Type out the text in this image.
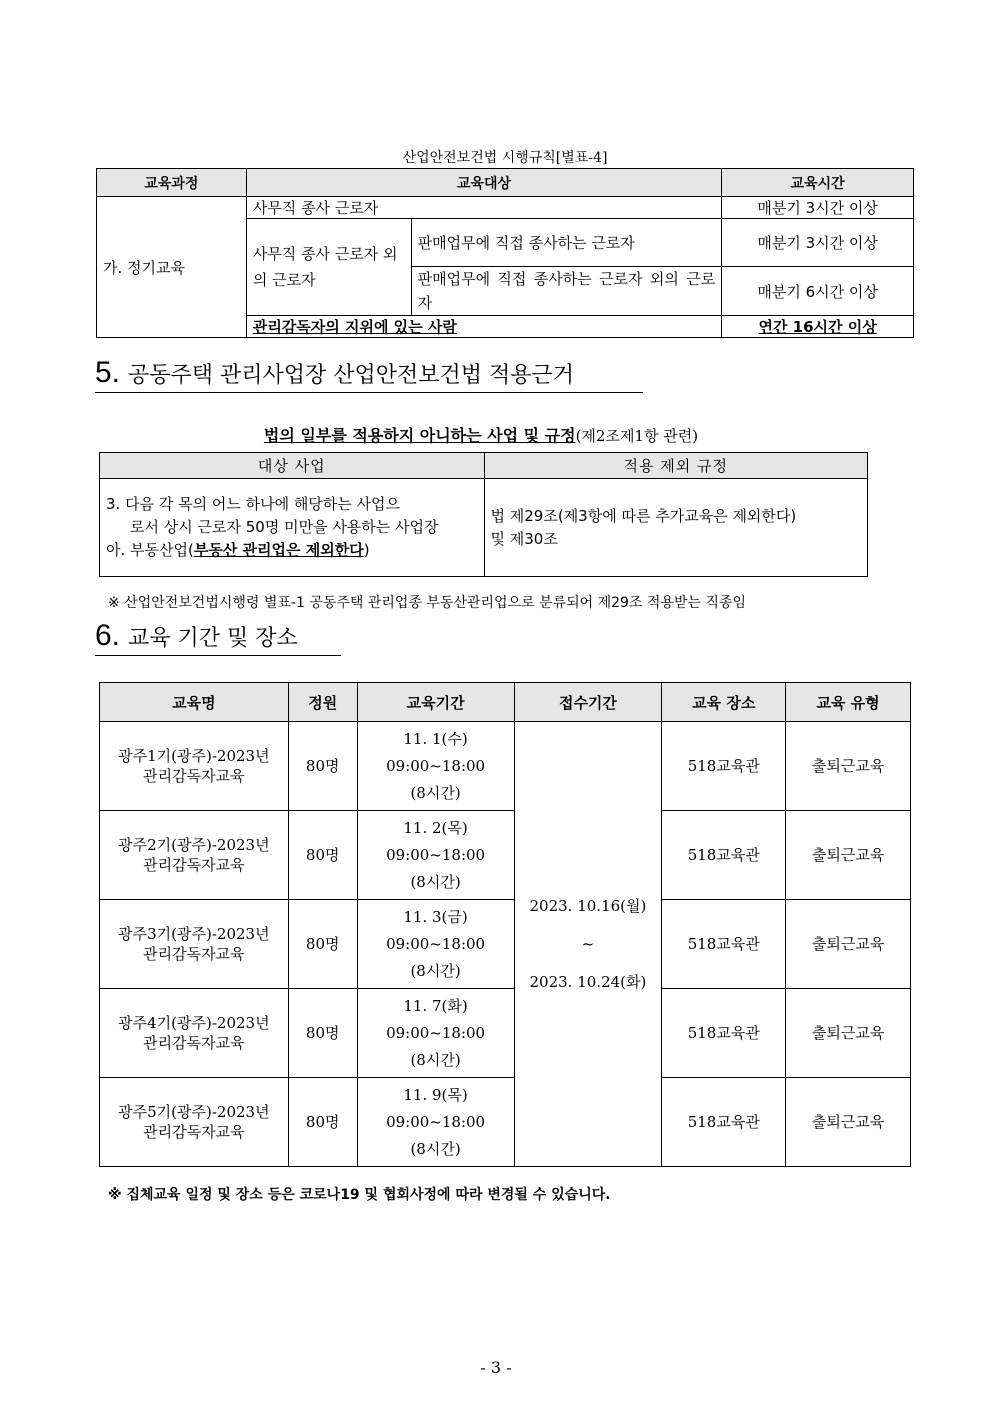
산업안전보건법 시행규칙[별표-4]
교육과정	교육대상		교육시간
가. 정기교육	사무직 종사 근로자		매분기 3시간 이상
	사무직 종사 근로자 외의 근로자	판매업무에 직접 종사하는 근로자	매분기 3시간 이상
		판매업무에 직접 종사하는 근로자 외의 근로자	매분기 6시간 이상
	관리감독자의 지위에 있는 사람		연간 16시간 이상
5. 공동주택 관리사업장 산업안전보건법 적용근거
법의 일부를 적용하지 아니하는 사업 및 규정(제2조제1항 관련)
대상 사업	적용 제외 규정
3. 다음 각 목의 어느 하나에 해당하는 사업으
로서 상시 근로자 50명 미만을 사용하는 사업장
아. 부동산업(부동산 관리업은 제외한다)	법 제29조(제3항에 따른 추가교육은 제외한다)
및 제30조
※ 산업안전보건법시행령 별표-1 공동주택 관리업종 부동산관리업으로 분류되어 제29조 적용받는 직종임
6. 교육 기간 및 장소
교육명	정원	교육기간	접수기간	교육 장소	교육 유형
광주1기(광주)-2023년
관리감독자교육	80명	11. 1(수)
09:00~18:00
(8시간)	2023. 10.16(월)
~
2023. 10.24(화)	518교육관	출퇴근교육
광주2기(광주)-2023년
관리감독자교육	80명	11. 2(목)
09:00~18:00
(8시간)		518교육관	출퇴근교육
광주3기(광주)-2023년
관리감독자교육	80명	11. 3(금)
09:00~18:00
(8시간)		518교육관	출퇴근교육
광주4기(광주)-2023년
관리감독자교육	80명	11. 7(화)
09:00~18:00
(8시간)		518교육관	출퇴근교육
광주5기(광주)-2023년
관리감독자교육	80명	11. 9(목)
09:00~18:00
(8시간)		518교육관	출퇴근교육
※ 집체교육 일정 및 장소 등은 코로나19 및 협회사정에 따라 변경될 수 있습니다.
- 3 -
